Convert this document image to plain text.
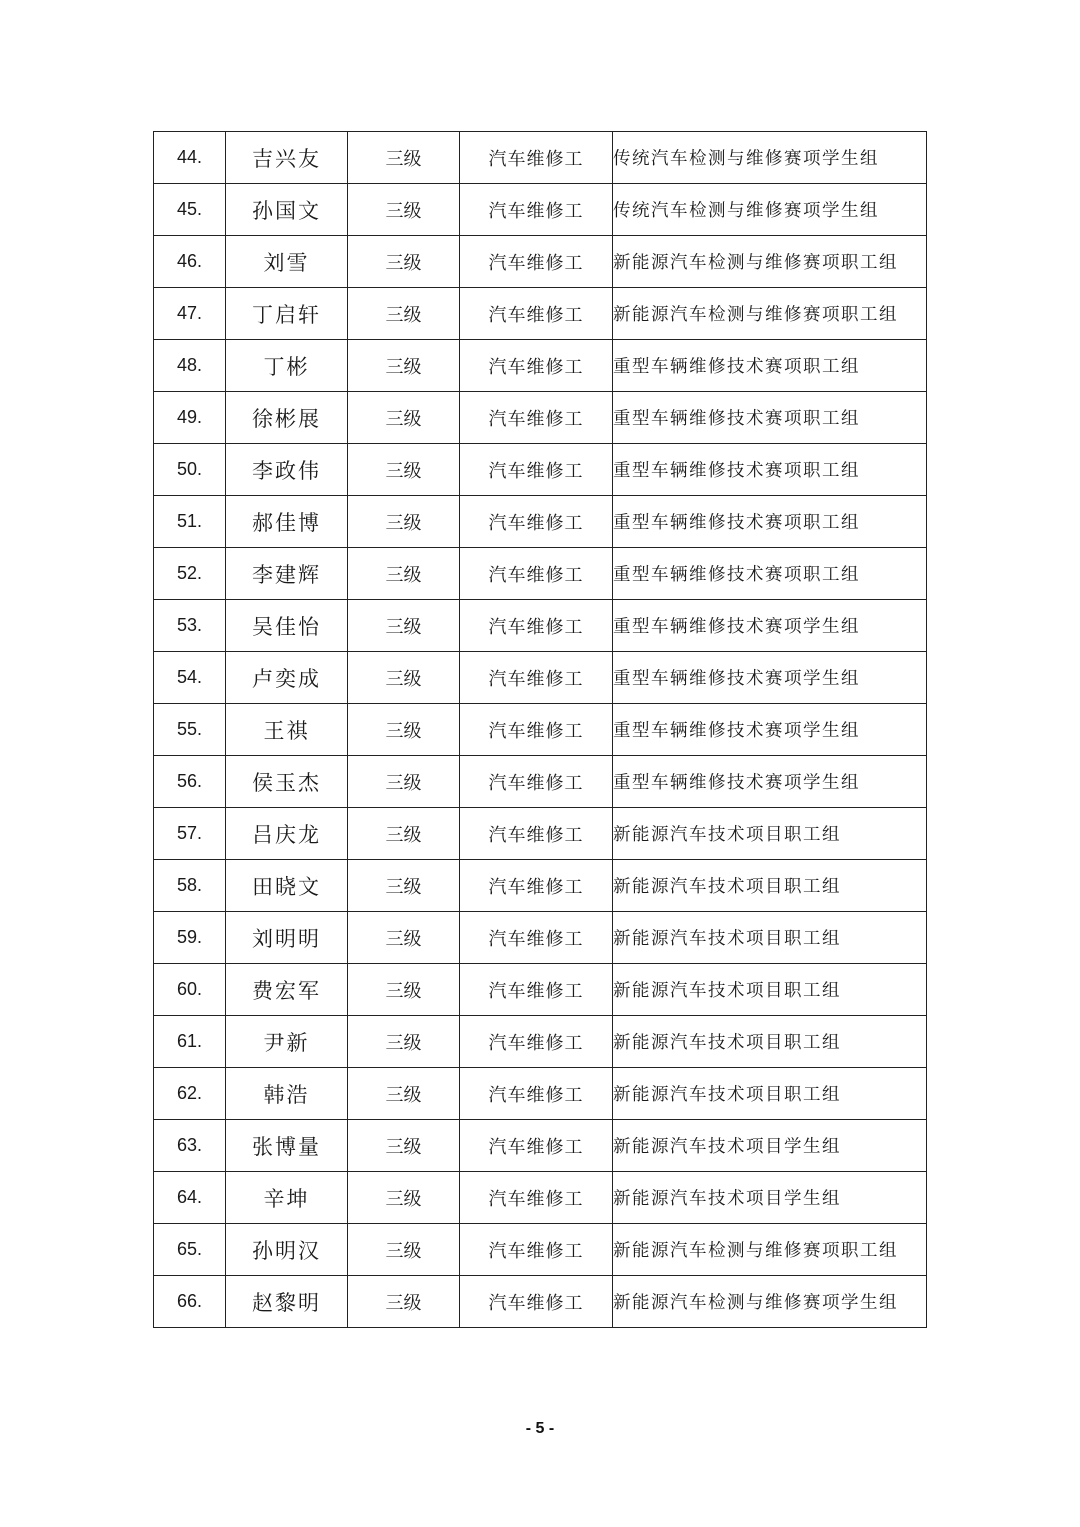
44.	吉兴友	三级	汽车维修工	传统汽车检测与维修赛项学生组
45.	孙国文	三级	汽车维修工	传统汽车检测与维修赛项学生组
46.	刘雪	三级	汽车维修工	新能源汽车检测与维修赛项职工组
47.	丁启轩	三级	汽车维修工	新能源汽车检测与维修赛项职工组
48.	丁彬	三级	汽车维修工	重型车辆维修技术赛项职工组
49.	徐彬展	三级	汽车维修工	重型车辆维修技术赛项职工组
50.	李政伟	三级	汽车维修工	重型车辆维修技术赛项职工组
51.	郝佳博	三级	汽车维修工	重型车辆维修技术赛项职工组
52.	李建辉	三级	汽车维修工	重型车辆维修技术赛项职工组
53.	吴佳怡	三级	汽车维修工	重型车辆维修技术赛项学生组
54.	卢奕成	三级	汽车维修工	重型车辆维修技术赛项学生组
55.	王祺	三级	汽车维修工	重型车辆维修技术赛项学生组
56.	侯玉杰	三级	汽车维修工	重型车辆维修技术赛项学生组
57.	吕庆龙	三级	汽车维修工	新能源汽车技术项目职工组
58.	田晓文	三级	汽车维修工	新能源汽车技术项目职工组
59.	刘明明	三级	汽车维修工	新能源汽车技术项目职工组
60.	费宏军	三级	汽车维修工	新能源汽车技术项目职工组
61.	尹新	三级	汽车维修工	新能源汽车技术项目职工组
62.	韩浩	三级	汽车维修工	新能源汽车技术项目职工组
63.	张博量	三级	汽车维修工	新能源汽车技术项目学生组
64.	辛坤	三级	汽车维修工	新能源汽车技术项目学生组
65.	孙明汉	三级	汽车维修工	新能源汽车检测与维修赛项职工组
66.	赵黎明	三级	汽车维修工	新能源汽车检测与维修赛项学生组
- 5 -
